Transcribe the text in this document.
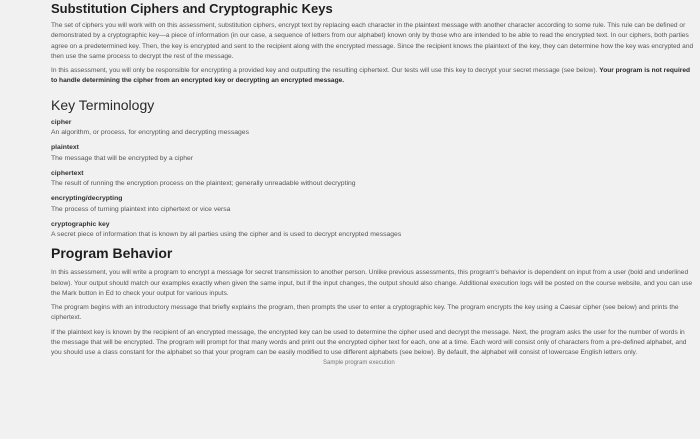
Substitution Ciphers and Cryptographic Keys

The set of ciphers you will work with on this assessment, substitution ciphers, encrypt text by replacing each character in the plaintext message with another character according to some rule. This rule can be defined or demonstrated by a cryptographic key—a piece of information (in our case, a sequence of letters from our alphabet) known only by those who are intended to be able to read the encrypted text. In our ciphers, both parties agree on a predetermined key. Then, the key is encrypted and sent to the recipient along with the encrypted message. Since the recipient knows the plaintext of the key, they can determine how the key was encrypted and then use the same process to decrypt the rest of the message.

In this assessment, you will only be responsible for encrypting a provided key and outputting the resulting ciphertext. Our tests will use this key to decrypt your secret message (see below). Your program is not required to handle determining the cipher from an encrypted key or decrypting an encrypted message.

Key Terminology
cipher
An algorithm, or process, for encrypting and decrypting messages
plaintext
The message that will be encrypted by a cipher
ciphertext
The result of running the encryption process on the plaintext; generally unreadable without decrypting
encrypting/decrypting
The process of turning plaintext into ciphertext or vice versa
cryptographic key
A secret piece of information that is known by all parties using the cipher and is used to decrypt encrypted messages
Program Behavior

In this assessment, you will write a program to encrypt a message for secret transmission to another person. Unlike previous assessments, this program's behavior is dependent on input from a user (bold and underlined below). Your output should match our examples exactly when given the same input, but if the input changes, the output should also change. Additional execution logs will be posted on the course website, and you can use the Mark button in Ed to check your output for various inputs.

The program begins with an introductory message that briefly explains the program, then prompts the user to enter a cryptographic key. The program encrypts the key using a Caesar cipher (see below) and prints the ciphertext.

If the plaintext key is known by the recipient of an encrypted message, the encrypted key can be used to determine the cipher used and decrypt the message. Next, the program asks the user for the number of words in the message that will be encrypted. The program will prompt for that many words and print out the encrypted cipher text for each, one at a time. Each word will consist only of characters from a pre-defined alphabet, and you should use a class constant for the alphabet so that your program can be easily modified to use different alphabets (see below). By default, the alphabet will consist of lowercase English letters only.

Sample program execution
